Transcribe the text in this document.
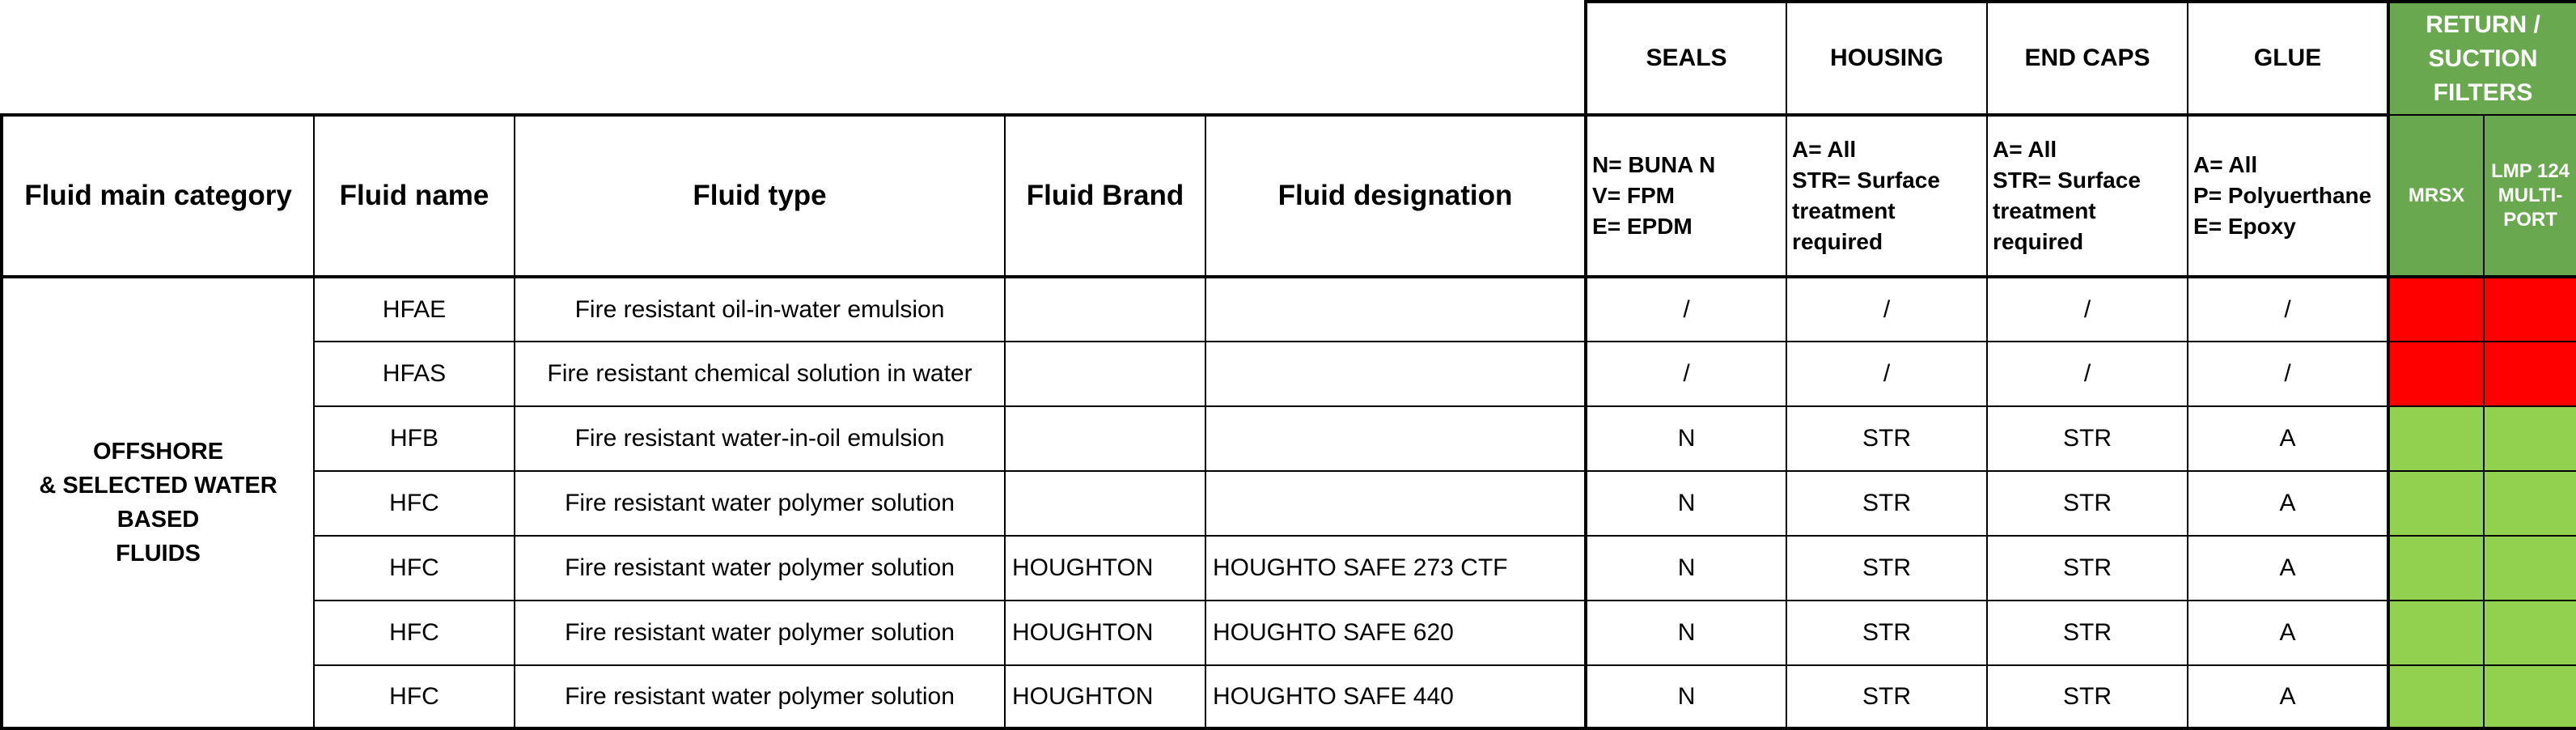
					SEALS	HOUSING	END CAPS	GLUE	RETURN /
SUCTION
FILTERS	
Fluid main category	Fluid name	Fluid type	Fluid Brand	Fluid designation	N= BUNA N
V= FPM
E= EPDM	A= All
STR= Surface
treatment
required	A= All
STR= Surface
treatment
required	A= All
P= Polyuerthane
E= Epoxy	MRSX	LMP 124
MULTI-
PORT
OFFSHORE
& SELECTED WATER
BASED
FLUIDS	HFAE	Fire resistant oil-in-water emulsion			/	/	/	/		
	HFAS	Fire resistant chemical solution in water			/	/	/	/		
	HFB	Fire resistant water-in-oil emulsion			N	STR	STR	A		
	HFC	Fire resistant water polymer solution			N	STR	STR	A		
	HFC	Fire resistant water polymer solution	HOUGHTON	HOUGHTO SAFE 273 CTF	N	STR	STR	A		
	HFC	Fire resistant water polymer solution	HOUGHTON	HOUGHTO SAFE 620	N	STR	STR	A		
	HFC	Fire resistant water polymer solution	HOUGHTON	HOUGHTO SAFE 440	N	STR	STR	A		
